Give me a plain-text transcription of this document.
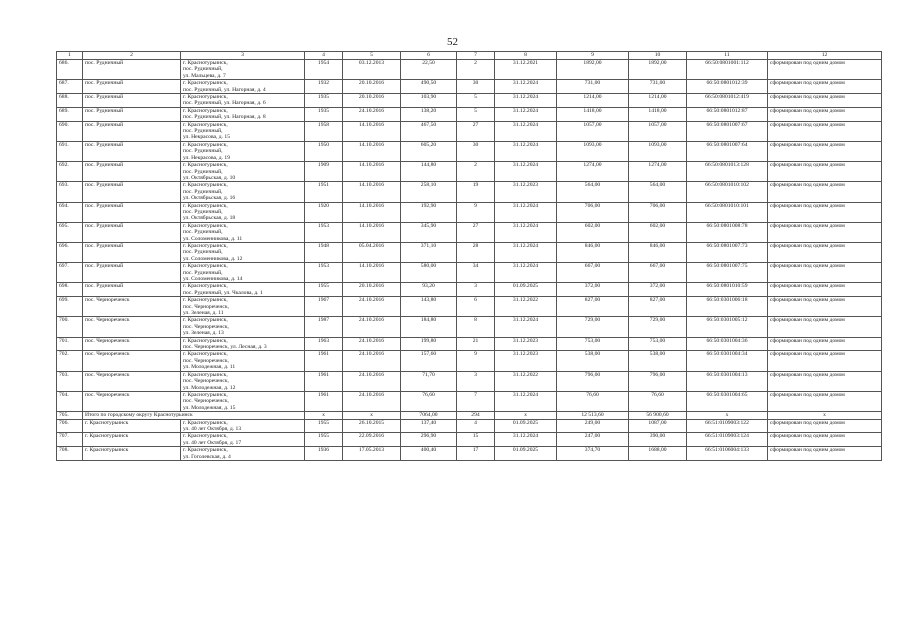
52
1	2	3	4	5	6	7	8	9	10	11	12
686.	пос. Рудничный	г. Краснотурьинск,
пос. Рудничный,
ул. Мальцева, д. 7	1954	03.12.2013	22,50	2	31.12.2021	1892,00	1892,00	66:50:0801001:112	сформирован под одним домом
687.	пос. Рудничный	г. Краснотурьинск,
пос. Рудничный, ул. Нагорная, д. 4	1932	20.10.2016	490,50	30	31.12.2024	731,00	731,00	66:50:0801012:39	сформирован под одним домом
688.	пос. Рудничный	г. Краснотурьинск,
пос. Рудничный, ул. Нагорная, д. 6	1935	20.10.2016	103,90	5	31.12.2024	1214,00	1214,00	66:50:0801012:419	сформирован под одним домом
689.	пос. Рудничный	г. Краснотурьинск,
пос. Рудничный, ул. Нагорная, д. 8	1935	24.10.2016	138,20	5	31.12.2024	1418,00	1418,00	66:50:0801012:87	сформирован под одним домом
690.	пос. Рудничный	г. Краснотурьинск,
пос. Рудничный,
ул. Некрасова, д. 15	1958	14.10.2016	467,50	27	31.12.2024	1057,00	1057,00	66:50:0801007:67	сформирован под одним домом
691.	пос. Рудничный	г. Краснотурьинск,
пос. Рудничный,
ул. Некрасова, д. 19	1950	14.10.2016	605,20	30	31.12.2024	1093,00	1093,00	66:50:0801007:64	сформирован под одним домом
692.	пос. Рудничный	г. Краснотурьинск,
пос. Рудничный,
ул. Октябрьская, д. 10	1909	14.10.2016	144,80	2	31.12.2024	1274,00	1274,00	66:50:0801013:128	сформирован под одним домом
693.	пос. Рудничный	г. Краснотурьинск,
пос. Рудничный,
ул. Октябрьская, д. 16	1951	14.10.2016	258,10	19	31.12.2023	564,00	564,00	66:50:0801010:102	сформирован под одним домом
694.	пос. Рудничный	г. Краснотурьинск,
пос. Рудничный,
ул. Октябрьская, д. 18	1920	14.10.2016	192,90	9	31.12.2024	706,00	706,00	66:50:0801010:101	сформирован под одним домом
695.	пос. Рудничный	г. Краснотурьинск,
пос. Рудничный,
ул. Соломенникова, д. 11	1953	14.10.2016	345,90	27	31.12.2024	602,00	602,00	66:50:0801008:78	сформирован под одним домом
696.	пос. Рудничный	г. Краснотурьинск,
пос. Рудничный,
ул. Соломенникова, д. 12	1948	05.04.2016	371,10	28	31.12.2024	846,00	846,00	66:50:0801007:73	сформирован под одним домом
697.	пос. Рудничный	г. Краснотурьинск,
пос. Рудничный,
ул. Соломенникова, д. 14	1953	14.10.2016	580,00	34	31.12.2024	667,00	667,00	66:50:0801007:75	сформирован под одним домом
698.	пос. Рудничный	г. Краснотурьинск,
пос. Рудничный, ул. Чкалова, д. 1	1955	20.10.2016	93,20	3	01.09.2025	372,00	372,00	66:50:0801010:59	сформирован под одним домом
699.	пос. Чернореченск	г. Краснотурьинск,
пос. Чернореченск,
ул. Зеленая, д. 11	1967	24.10.2016	143,80	6	31.12.2022	827,00	827,00	66:50:0301006:18	сформирован под одним домом
700.	пос. Чернореченск	г. Краснотурьинск,
пос. Чернореченск,
ул. Зеленая, д. 13	1987	24.10.2016	184,80	8	31.12.2024	729,00	729,00	66:50:0301005:12	сформирован под одним домом
701.	пос. Чернореченск	г. Краснотурьинск,
пос. Чернореченск, ул. Лесная, д. 3	1963	24.10.2016	199,80	21	31.12.2023	753,00	753,00	66:50:0301004:36	сформирован под одним домом
702.	пос. Чернореченск	г. Краснотурьинск,
пос. Чернореченск,
ул. Молодежная, д. 11	1961	24.10.2016	157,60	9	31.12.2023	538,00	538,00	66:50:0301004:34	сформирован под одним домом
703.	пос. Чернореченск	г. Краснотурьинск,
пос. Чернореченск,
ул. Молодежная, д. 12	1961	24.10.2016	71,70	3	31.12.2022	796,00	796,00	66:50:0301004:13	сформирован под одним домом
704.	пос. Чернореченск	г. Краснотурьинск,
пос. Чернореченск,
ул. Молодежная, д. 15	1961	24.10.2016	76,60	7	31.12.2024	76,60	76,60	66:50:0301004:65	сформирован под одним домом
705.	Итого по городскому округу Краснотурьинск		x	x	7064,00	294	x	12 513,60	56 900,60	x	x
706.	г. Краснотурьинск	г. Краснотурьинск,
ул. 40 лет Октября, д. 13	1955	26.10.2015	137,40	4	01.09.2025	249,00	1087,00	66:51:0109003:122	сформирован под одним домом
707.	г. Краснотурьинск	г. Краснотурьинск,
ул. 40 лет Октября, д. 17	1955	22.09.2016	296,90	15	31.12.2024	247,00	390,00	66:51:0109003:124	сформирован под одним домом
708.	г. Краснотурьинск	г. Краснотурьинск,
ул. Гоголевская, д. 4	1936	17.05.2013	400,40	17	01.09.2025	374,70	1688,00	66:51:0106004:133	сформирован под одним домом
